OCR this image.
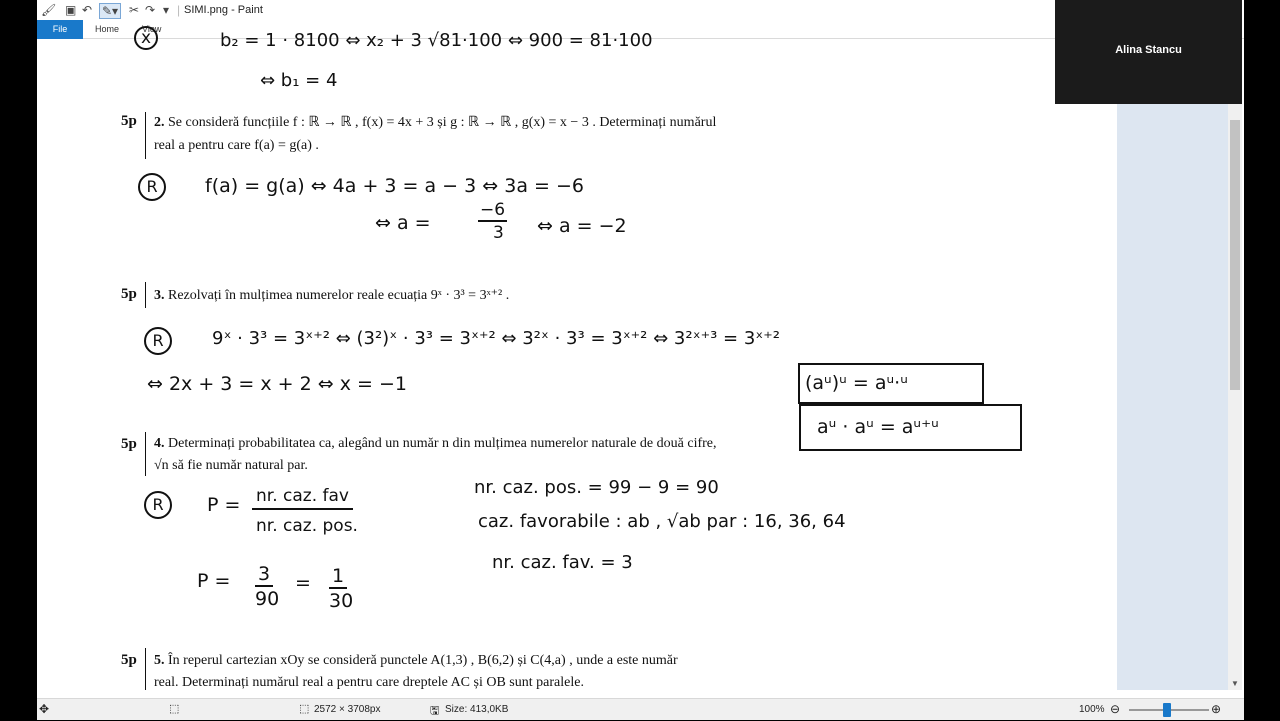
🖌 ▣ ↶ ✎▾ ✂ ↷ ▾ | SIMI.png - Paint
File	Home	View
x	b₂ = 1 · 8100 ⇔ x₂ + 3 √81·100 ⇔ 900 = 81·100
⇔ b₁ = 4
5p 2. Se consideră funcțiile f : ℝ → ℝ , f(x) = 4x + 3 și g : ℝ → ℝ , g(x) = x − 3 . Determinați numărul
real a pentru care f(a) = g(a) .
R	f(a) = g(a) ⇔ 4a + 3 = a − 3 ⇔ 3a = −6
⇔ a =
−6
3 ⇔ a = −2
5p 3. Rezolvați în mulțimea numerelor reale ecuația 9ˣ · 3³ = 3ˣ⁺² .
R	9ˣ · 3³ = 3ˣ⁺² ⇔ (3²)ˣ · 3³ = 3ˣ⁺² ⇔ 3²ˣ · 3³ = 3ˣ⁺² ⇔ 3²ˣ⁺³ = 3ˣ⁺²
⇔ 2x + 3 = x + 2 ⇔ x = −1	(aᵘ)ᵘ = aᵘ·ᵘ
aᵘ · aᵘ = aᵘ⁺ᵘ
5p 4. Determinați probabilitatea ca, alegând un număr n din mulțimea numerelor naturale de două cifre,
√n să fie număr natural par.
R	P = nr. caz. fav
nr. caz. pos.
P = 3
90
= 1
30
nr. caz. pos. = 99 − 9 = 90
caz. favorabile : ab , √ab par : 16, 36, 64
nr. caz. fav. = 3
5p 5. În reperul cartezian xOy se consideră punctele A(1,3) , B(6,2) și C(4,a) , unde a este număr
real. Determinați numărul real a pentru care dreptele AC și OB sunt paralele.	▼
✥	⬚	⬚ 2572 × 3708px	🖫 Size: 413,0KB	100% ⊖	⊕
Alina Stancu
